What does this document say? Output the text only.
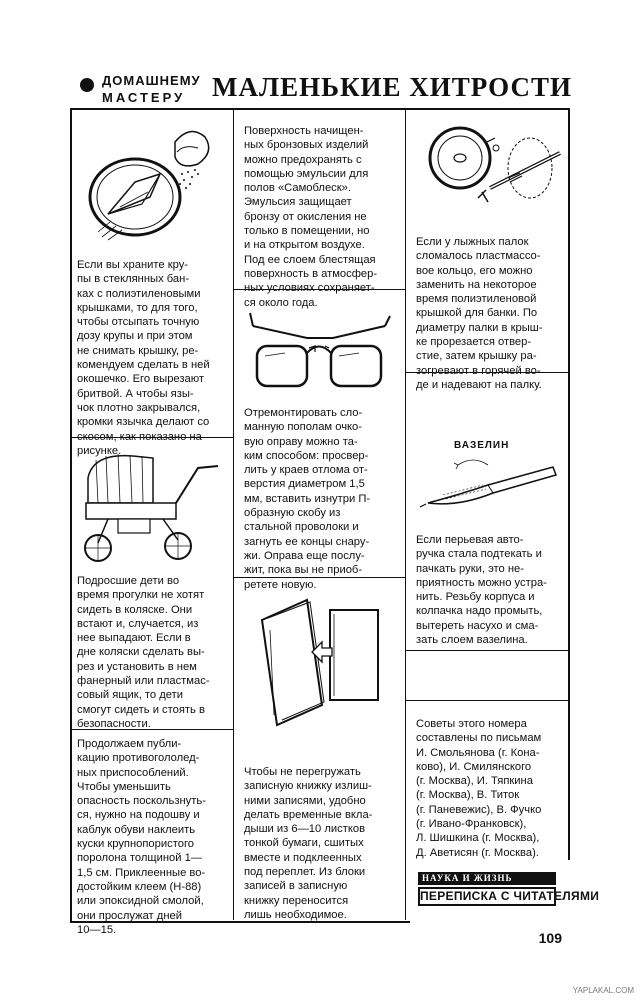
ДОМАШНЕМУ
МАСТЕРУ МАЛЕНЬКИЕ ХИТРОСТИ
ВАЗЕЛИН
Если вы храните кру-
пы в стеклянных бан-
ках с полиэтиленовыми
крышками, то для того,
чтобы отсыпать точную
дозу крупы и при этом
не снимать крышку, ре-
комендуем сделать в ней
окошечко. Его вырезают
бритвой. А чтобы язы-
чок плотно закрывался,
кромки язычка делают со
скосом, как показано на
рисунке.
Подросшие дети во
время прогулки не хотят
сидеть в коляске. Они
встают и, случается, из
нее выпадают. Если в
дне коляски сделать вы-
рез и установить в нем
фанерный или пластмас-
совый ящик, то дети
смогут сидеть и стоять в
безопасности.
Продолжаем публи-
кацию противогололед-
ных приспособлений.
Чтобы уменьшить
опасность поскользнуть-
ся, нужно на подошву и
каблук обуви наклеить
куски крупнопористого
поролона толщиной 1—
1,5 см. Приклеенные во-
достойким клеем (Н-88)
или эпоксидной смолой,
они прослужат дней
10—15.
Поверхность начищен-
ных бронзовых изделий
можно предохранять с
помощью эмульсии для
полов «Самоблеск».
Эмульсия защищает
бронзу от окисления не
только в помещении, но
и на открытом воздухе.
Под ее слоем блестящая
поверхность в атмосфер-
ных условиях сохраняет-
ся около года.
Отремонтировать сло-
манную пополам очко-
вую оправу можно та-
ким способом: просвер-
лить у краев отлома от-
верстия диаметром 1,5
мм, вставить изнутри П-
образную скобу из
стальной проволоки и
загнуть ее концы снару-
жи. Оправа еще послу-
жит, пока вы не приоб-
ретете новую.
Чтобы не перегружать
записную книжку излиш-
ними записями, удобно
делать временные вкла-
дыши из 6—10 листков
тонкой бумаги, сшитых
вместе и подклеенных
под переплет. Из блоки
записей в записную
книжку переносится
лишь необходимое.
Если у лыжных палок
сломалось пластмассо-
вое кольцо, его можно
заменить на некоторое
время полиэтиленовой
крышкой для банки. По
диаметру палки в крыш-
ке прорезается отвер-
стие, затем крышку ра-
зогревают в горячей во-
де и надевают на палку.
Если перьевая авто-
ручка стала подтекать и
пачкать руки, это не-
приятность можно устра-
нить. Резьбу корпуса и
колпачка надо промыть,
вытереть насухо и сма-
зать слоем вазелина.
Советы этого номера
составлены по письмам
И. Смольянова (г. Кона-
ково), И. Смилянского
(г. Москва), И. Тяпкина
(г. Москва), В. Титок
(г. Паневежис), В. Фучко
(г. Ивано-Франковск),
Л. Шишкина (г. Москва),
Д. Аветисян (г. Москва).
НАУКА И ЖИЗНЬ
ПЕРЕПИСКА С ЧИТАТЕЛЯМИ
109
YAPLAKAL.COM
